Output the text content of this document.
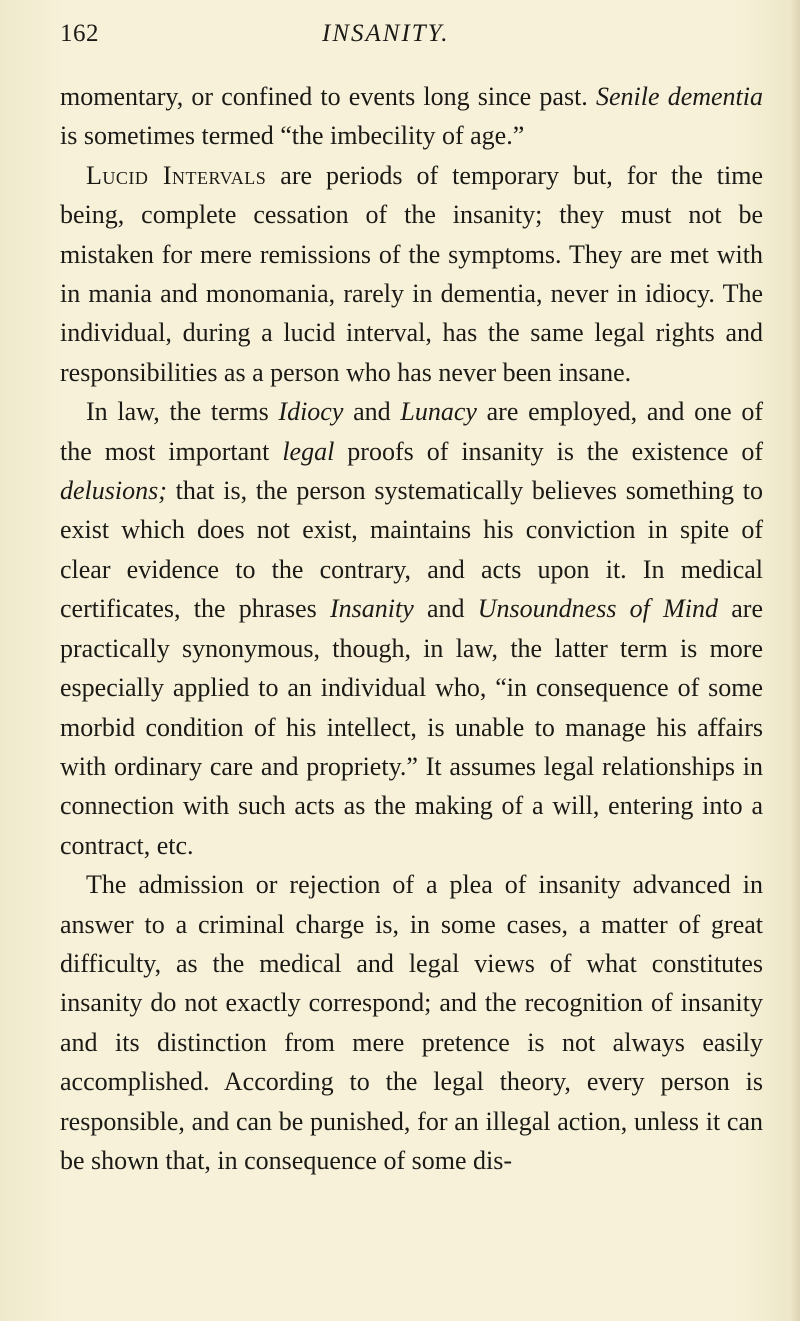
162	INSANITY.

momentary, or confined to events long since past. Senile dementia is sometimes termed “the imbecility of age.”

 Lucid Intervals are periods of temporary but, for the time being, complete cessation of the insanity; they must not be mistaken for mere remissions of the symptoms. They are met with in mania and monomania, rarely in dementia, never in idiocy. The individual, during a lucid interval, has the same legal rights and responsibilities as a person who has never been insane.

 In law, the terms Idiocy and Lunacy are employed, and one of the most important legal proofs of insanity is the existence of delusions; that is, the person systematically believes something to exist which does not exist, maintains his conviction in spite of clear evidence to the contrary, and acts upon it. In medical certificates, the phrases Insanity and Unsoundness of Mind are practically synonymous, though, in law, the latter term is more especially applied to an individual who, “in consequence of some morbid condition of his intellect, is unable to manage his affairs with ordinary care and propriety.” It assumes legal relationships in connection with such acts as the making of a will, entering into a contract, etc.

 The admission or rejection of a plea of insanity advanced in answer to a criminal charge is, in some cases, a matter of great difficulty, as the medical and legal views of what constitutes insanity do not exactly correspond; and the recognition of insanity and its distinction from mere pretence is not always easily accomplished. According to the legal theory, every person is responsible, and can be punished, for an illegal action, unless it can be shown that, in consequence of some dis-
